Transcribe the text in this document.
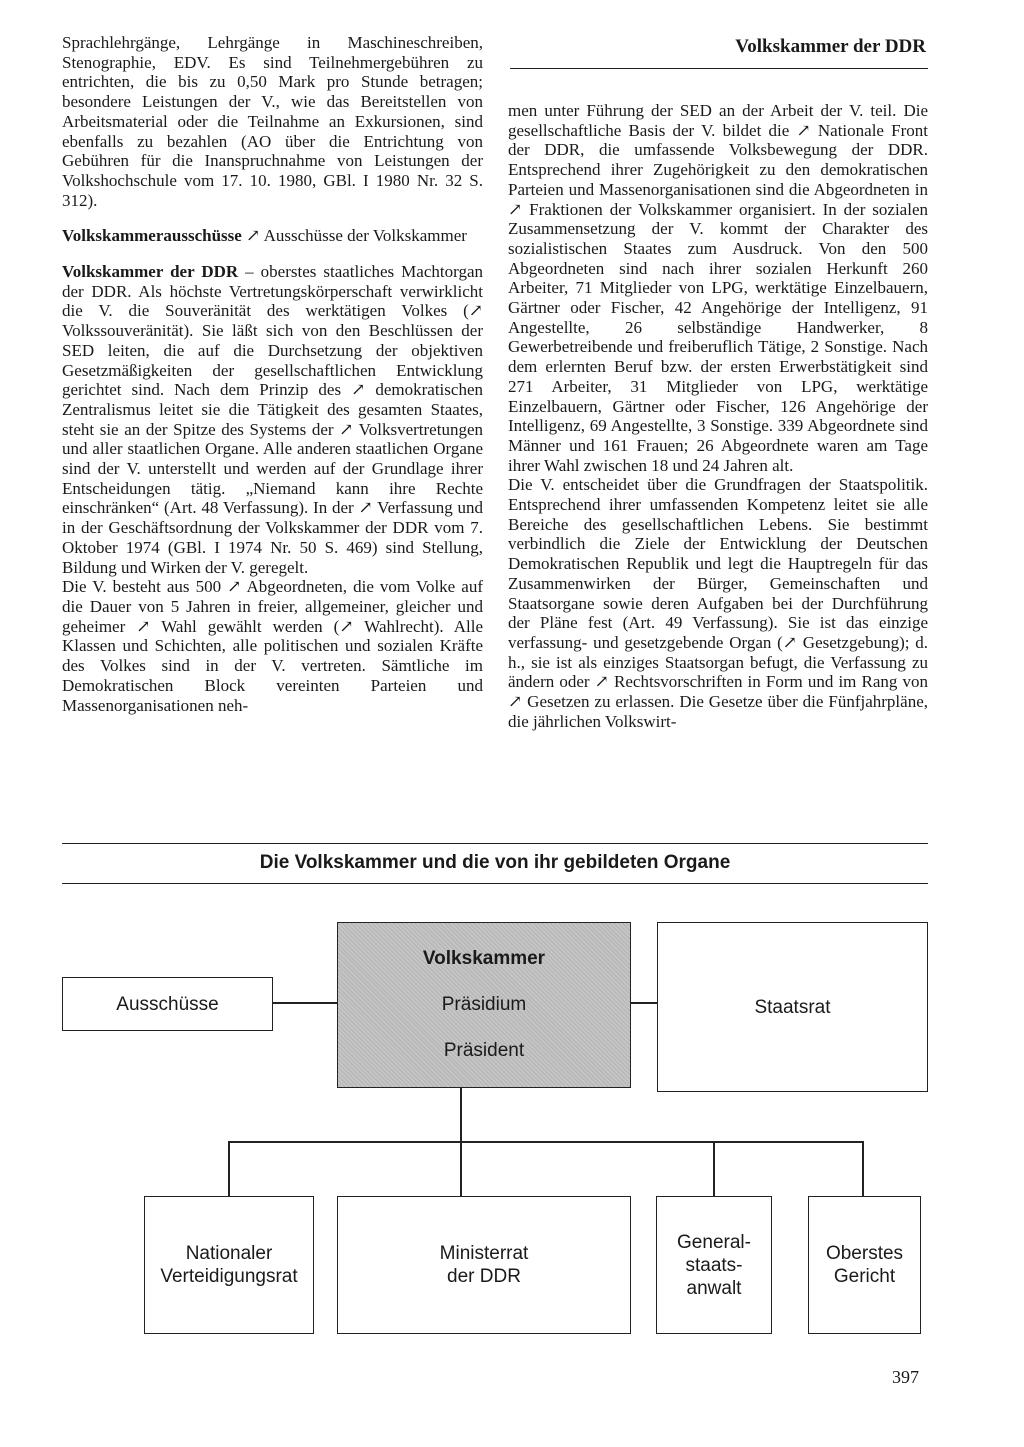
Volkskammer der DDR

Sprachlehrgänge, Lehrgänge in Maschineschreiben, Stenographie, EDV. Es sind Teilnehmergebühren zu entrichten, die bis zu 0,50 Mark pro Stunde betragen; besondere Leistungen der V., wie das Bereitstellen von Arbeitsmaterial oder die Teilnahme an Exkursionen, sind ebenfalls zu bezahlen (AO über die Entrichtung von Gebühren für die Inanspruchnahme von Leistungen der Volkshochschule vom 17. 10. 1980, GBl. I 1980 Nr. 32 S. 312).

Volkskammerausschüsse ↗ Ausschüsse der Volkskammer

Volkskammer der DDR – oberstes staatliches Machtorgan der DDR. Als höchste Vertretungskörperschaft verwirklicht die V. die Souveränität des werktätigen Volkes (↗ Volkssouveränität). Sie läßt sich von den Beschlüssen der SED leiten, die auf die Durchsetzung der objektiven Gesetzmäßigkeiten der gesellschaftlichen Entwicklung gerichtet sind. Nach dem Prinzip des ↗ demokratischen Zentralismus leitet sie die Tätigkeit des gesamten Staates, steht sie an der Spitze des Systems der ↗ Volksvertretungen und aller staatlichen Organe. Alle anderen staatlichen Organe sind der V. unterstellt und werden auf der Grundlage ihrer Entscheidungen tätig. „Niemand kann ihre Rechte einschränken“ (Art. 48 Verfassung). In der ↗ Verfassung und in der Geschäftsordnung der Volkskammer der DDR vom 7. Oktober 1974 (GBl. I 1974 Nr. 50 S. 469) sind Stellung, Bildung und Wirken der V. geregelt.

Die V. besteht aus 500 ↗ Abgeordneten, die vom Volke auf die Dauer von 5 Jahren in freier, allgemeiner, gleicher und geheimer ↗ Wahl gewählt werden (↗ Wahlrecht). Alle Klassen und Schichten, alle politischen und sozialen Kräfte des Volkes sind in der V. vertreten. Sämtliche im Demokratischen Block vereinten Parteien und Massenorganisationen neh-

men unter Führung der SED an der Arbeit der V. teil. Die gesellschaftliche Basis der V. bildet die ↗ Nationale Front der DDR, die umfassende Volksbewegung der DDR. Entsprechend ihrer Zugehörigkeit zu den demokratischen Parteien und Massenorganisationen sind die Abgeordneten in ↗ Fraktionen der Volkskammer organisiert. In der sozialen Zusammensetzung der V. kommt der Charakter des sozialistischen Staates zum Ausdruck. Von den 500 Abgeordneten sind nach ihrer sozialen Herkunft 260 Arbeiter, 71 Mitglieder von LPG, werktätige Einzelbauern, Gärtner oder Fischer, 42 Angehörige der Intelligenz, 91 Angestellte, 26 selbständige Handwerker, 8 Gewerbetreibende und freiberuflich Tätige, 2 Sonstige. Nach dem erlernten Beruf bzw. der ersten Erwerbstätigkeit sind 271 Arbeiter, 31 Mitglieder von LPG, werktätige Einzelbauern, Gärtner oder Fischer, 126 Angehörige der Intelligenz, 69 Angestellte, 3 Sonstige. 339 Abgeordnete sind Männer und 161 Frauen; 26 Abgeordnete waren am Tage ihrer Wahl zwischen 18 und 24 Jahren alt.

Die V. entscheidet über die Grundfragen der Staatspolitik. Entsprechend ihrer umfassenden Kompetenz leitet sie alle Bereiche des gesellschaftlichen Lebens. Sie bestimmt verbindlich die Ziele der Entwicklung der Deutschen Demokratischen Republik und legt die Hauptregeln für das Zusammenwirken der Bürger, Gemeinschaften und Staatsorgane sowie deren Aufgaben bei der Durchführung der Pläne fest (Art. 49 Verfassung). Sie ist das einzige verfassung- und gesetzgebende Organ (↗ Gesetzgebung); d. h., sie ist als einziges Staatsorgan befugt, die Verfassung zu ändern oder ↗ Rechtsvorschriften in Form und im Rang von ↗ Gesetzen zu erlassen. Die Gesetze über die Fünfjahrpläne, die jährlichen Volkswirt-

Die Volkskammer und die von ihr gebildeten Organe
Ausschüsse
Volkskammer
Präsidium
Präsident
Staatsrat
Nationaler
Verteidigungsrat
Ministerrat
der DDR
General-
staats-
anwalt
Oberstes
Gericht
397
